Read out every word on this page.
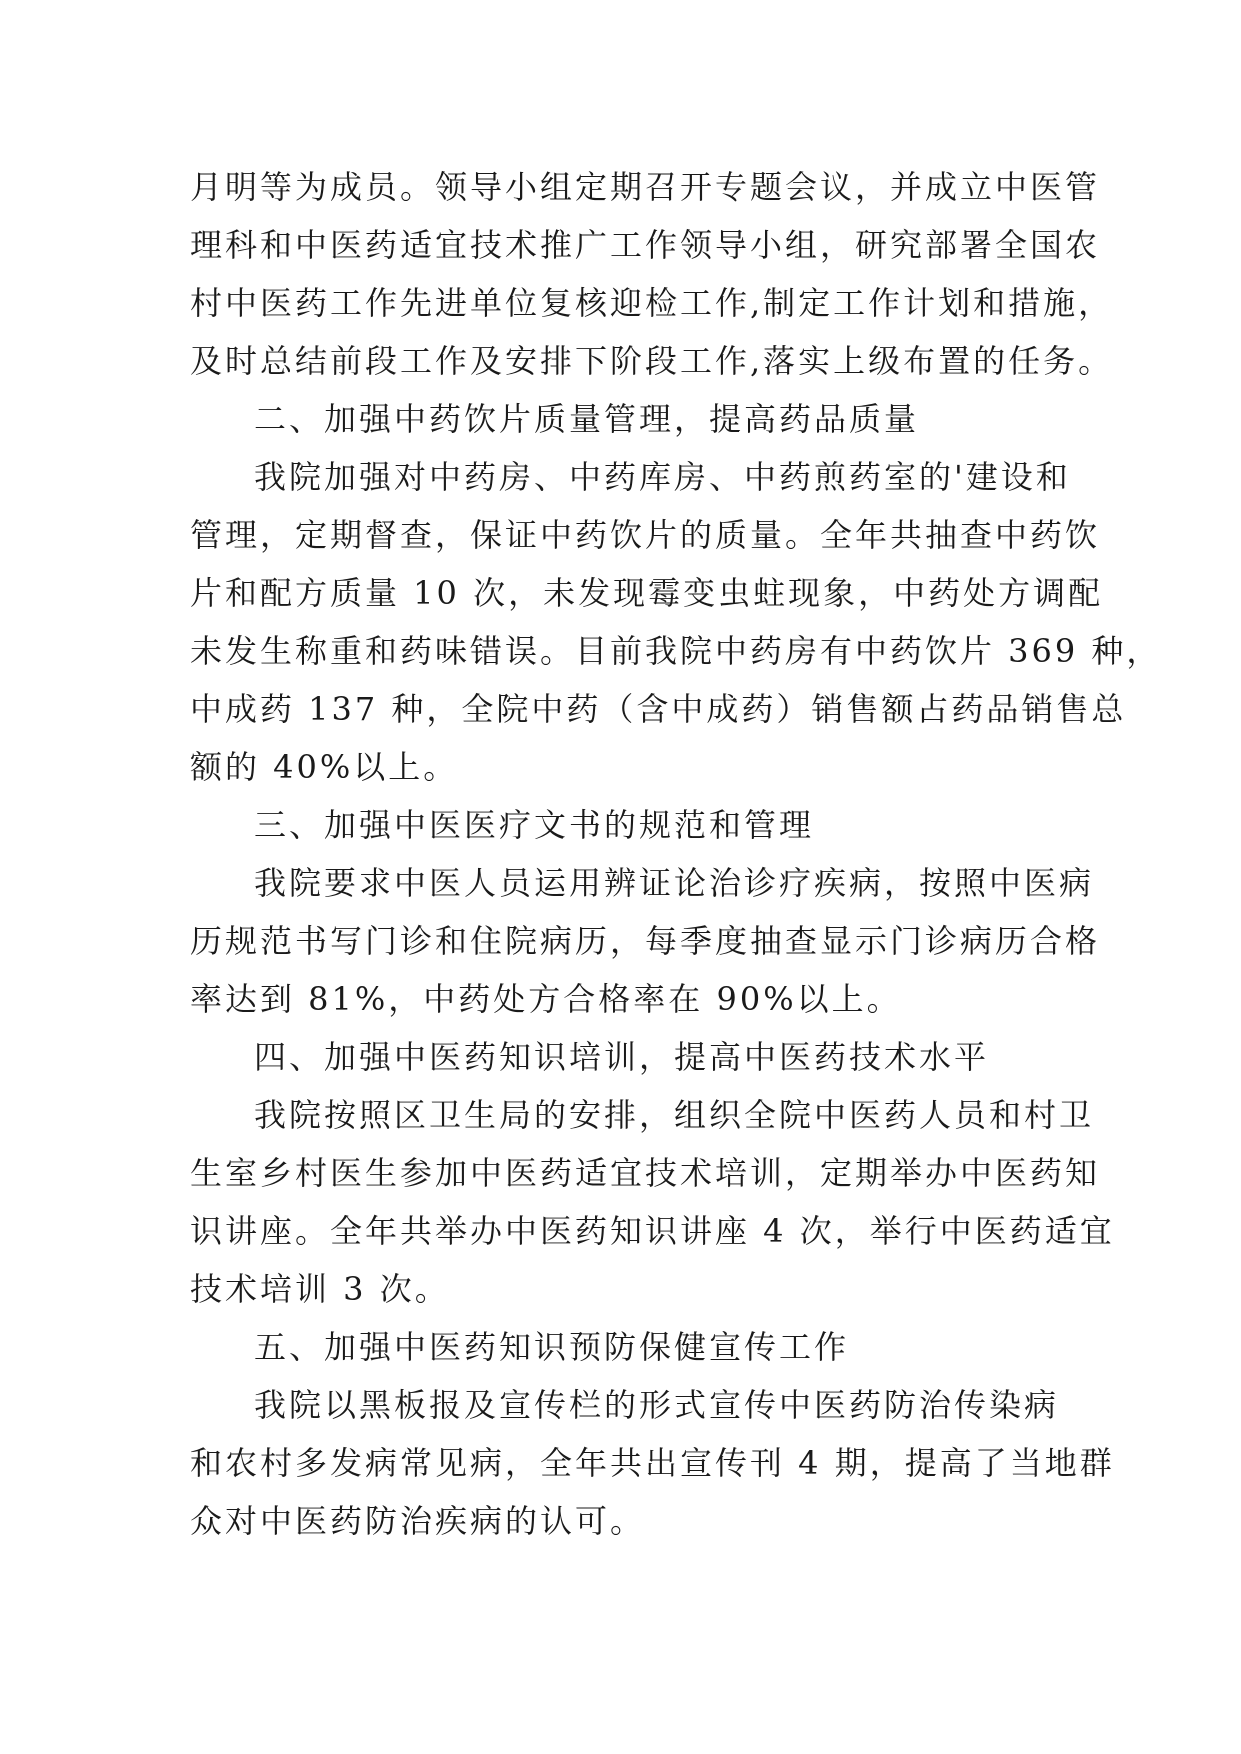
月明等为成员。领导小组定期召开专题会议，并成立中医管
理科和中医药适宜技术推广工作领导小组，研究部署全国农
村中医药工作先进单位复核迎检工作,制定工作计划和措施，
及时总结前段工作及安排下阶段工作,落实上级布置的任务。
二、加强中药饮片质量管理，提高药品质量
我院加强对中药房、中药库房、中药煎药室的'建设和
管理，定期督查，保证中药饮片的质量。全年共抽查中药饮
片和配方质量 10 次，未发现霉变虫蛀现象，中药处方调配
未发生称重和药味错误。目前我院中药房有中药饮片 369 种，
中成药 137 种，全院中药（含中成药）销售额占药品销售总
额的 40%以上。
三、加强中医医疗文书的规范和管理
我院要求中医人员运用辨证论治诊疗疾病，按照中医病
历规范书写门诊和住院病历，每季度抽查显示门诊病历合格
率达到 81%，中药处方合格率在 90%以上。
四、加强中医药知识培训，提高中医药技术水平
我院按照区卫生局的安排，组织全院中医药人员和村卫
生室乡村医生参加中医药适宜技术培训，定期举办中医药知
识讲座。全年共举办中医药知识讲座 4 次，举行中医药适宜
技术培训 3 次。
五、加强中医药知识预防保健宣传工作
我院以黑板报及宣传栏的形式宣传中医药防治传染病
和农村多发病常见病，全年共出宣传刊 4 期，提高了当地群
众对中医药防治疾病的认可。
